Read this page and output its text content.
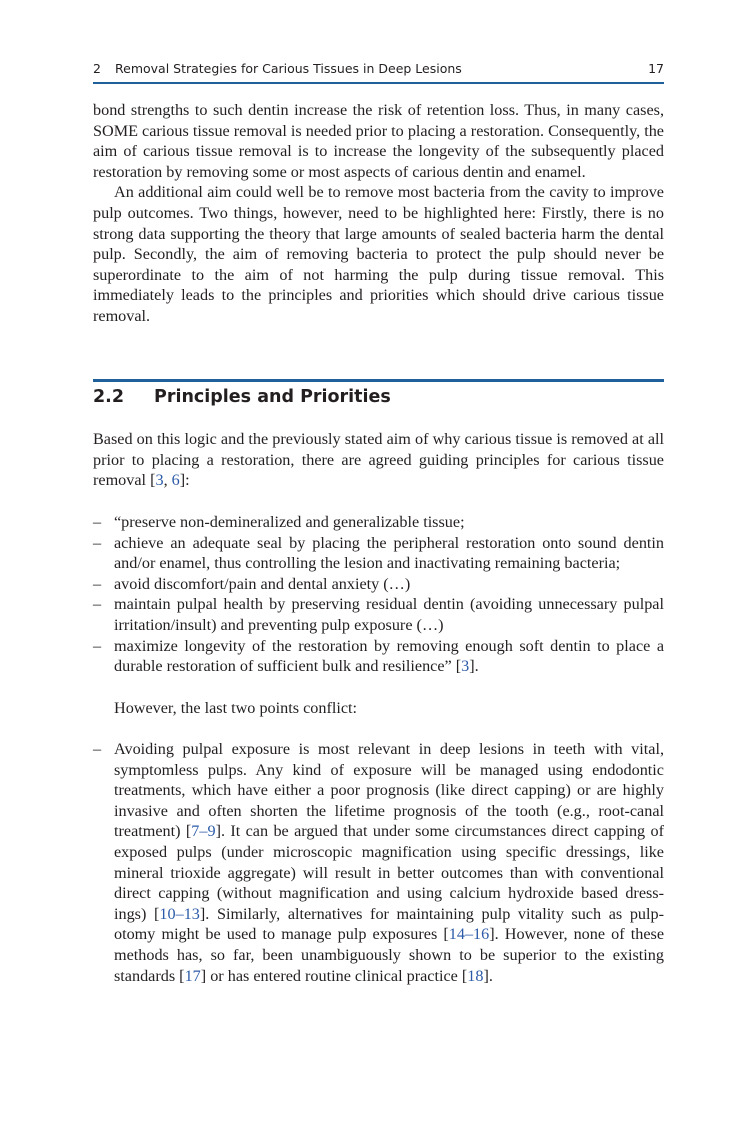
2 Removal Strategies for Carious Tissues in Deep Lesions	17

bond strengths to such dentin increase the risk of retention loss. Thus, in many cases, SOME carious tissue removal is needed prior to placing a restoration. Consequently, the aim of carious tissue removal is to increase the longevity of the subsequently placed restoration by removing some or most aspects of carious dentin and enamel.

An additional aim could well be to remove most bacteria from the cavity to improve pulp outcomes. Two things, however, need to be highlighted here: Firstly, there is no strong data supporting the theory that large amounts of sealed bacteria harm the dental pulp. Secondly, the aim of removing bacteria to protect the pulp should never be superordinate to the aim of not harming the pulp during tissue removal. This immediately leads to the principles and priorities which should drive carious tissue removal.

2.2 Principles and Priorities

Based on this logic and the previously stated aim of why carious tissue is removed at all prior to placing a restoration, there are agreed guiding principles for carious tissue removal [3, 6]:

– “preserve non-demineralized and generalizable tissue;
– achieve an adequate seal by placing the peripheral restoration onto sound dentin and/or enamel, thus controlling the lesion and inactivating remaining bacteria;
– avoid discomfort/pain and dental anxiety (…)
– maintain pulpal health by preserving residual dentin (avoiding unnecessary pulpal irritation/insult) and preventing pulp exposure (…)
– maximize longevity of the restoration by removing enough soft dentin to place a durable restoration of sufficient bulk and resilience” [3].

However, the last two points conflict:

– Avoiding pulpal exposure is most relevant in deep lesions in teeth with vital, symptomless pulps. Any kind of exposure will be managed using endodontic treatments, which have either a poor prognosis (like direct capping) or are highly invasive and often shorten the lifetime prognosis of the tooth (e.g., root-canal treatment) [7–9]. It can be argued that under some circumstances direct capping of exposed pulps (under microscopic magnification using specific dressings, like mineral trioxide aggregate) will result in better outcomes than with conventional direct capping (without magnification and using calcium hydroxide based dress-ings) [10–13]. Similarly, alternatives for maintaining pulp vitality such as pulp-otomy might be used to manage pulp exposures [14–16]. However, none of these methods has, so far, been unambiguously shown to be superior to the existing standards [17] or has entered routine clinical practice [18].
